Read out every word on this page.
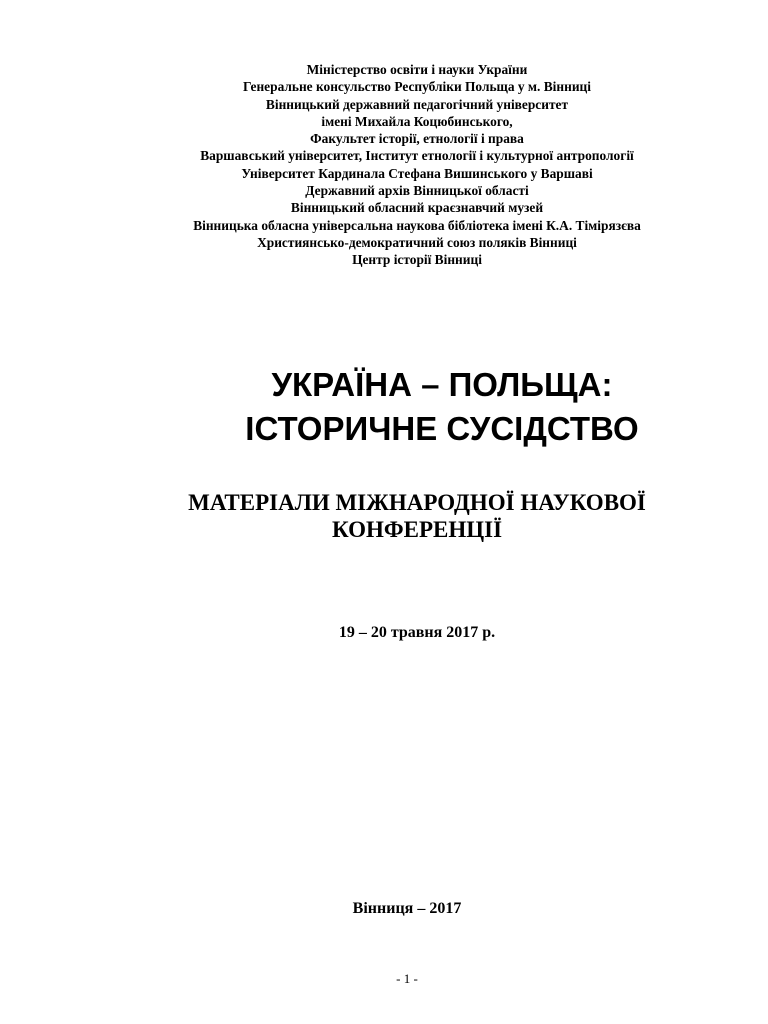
Міністерство освіти і науки України
Генеральне консульство Республіки Польща у м. Вінниці
Вінницький державний педагогічний університет
імені Михайла Коцюбинського,
Факультет історії, етнології і права
Варшавський університет, Інститут етнології і культурної антропології
Університет Кардинала Стефана Вишинського у Варшаві
Державний архів Вінницької області
Вінницький обласний краєзнавчий музей
Вінницька обласна універсальна наукова бібліотека імені К.А. Тімірязєва
Християнсько-демократичний союз поляків Вінниці
Центр історії Вінниці
УКРАЇНА – ПОЛЬЩА:
ІСТОРИЧНЕ СУСІДСТВО
МАТЕРІАЛИ МІЖНАРОДНОЇ НАУКОВОЇ
КОНФЕРЕНЦІЇ
19 – 20 травня 2017 р.
Вінниця – 2017
- 1 -
